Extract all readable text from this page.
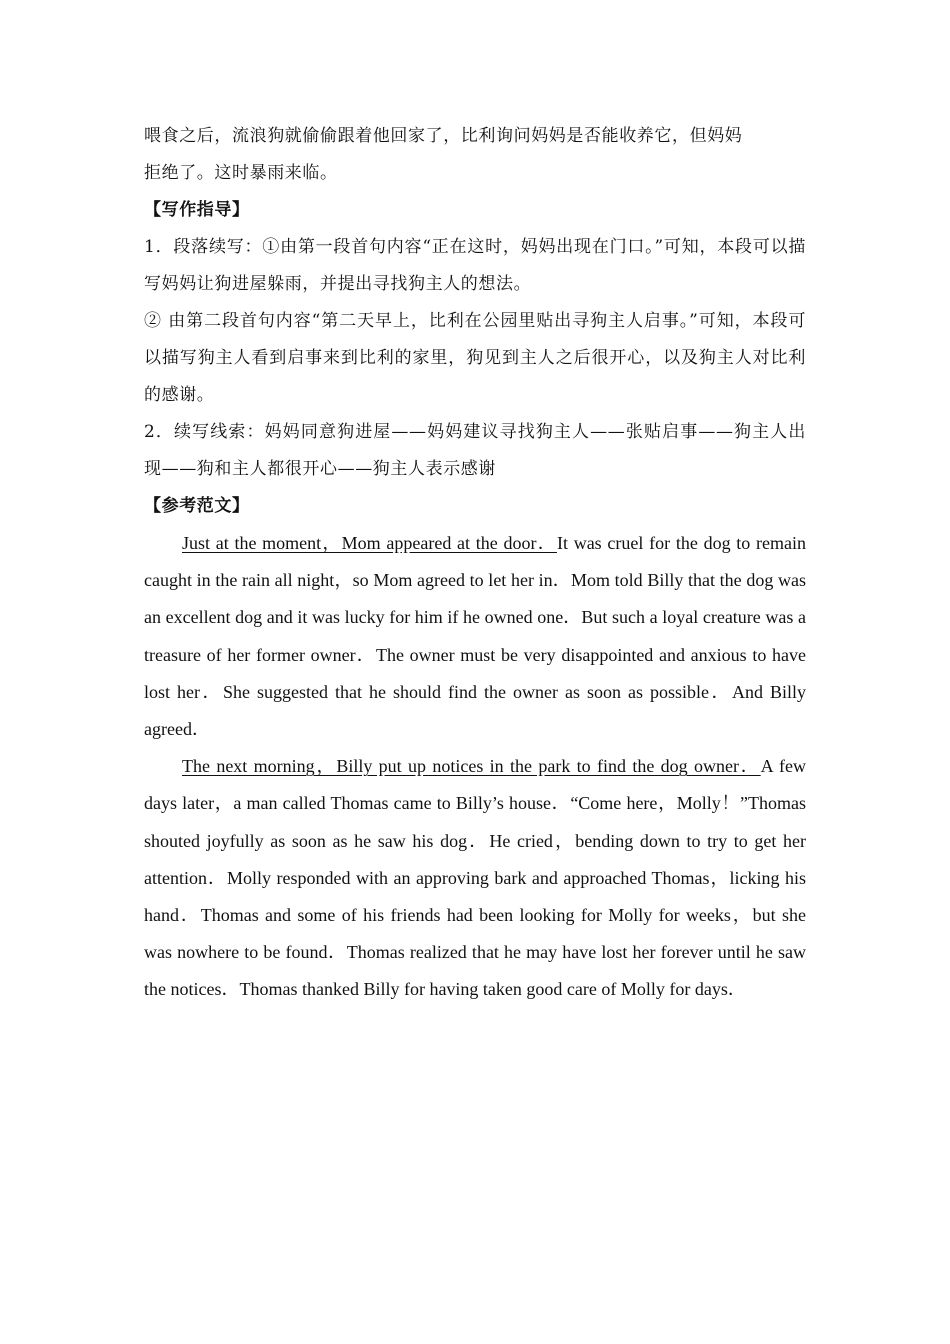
喂食之后，流浪狗就偷偷跟着他回家了，比利询问妈妈是否能收养它，但妈妈

拒绝了。这时暴雨来临。

【写作指导】

1．段落续写：①由第一段首句内容“正在这时，妈妈出现在门口。”可知，本段可以描写妈妈让狗进屋躲雨，并提出寻找狗主人的想法。

② 由第二段首句内容“第二天早上，比利在公园里贴出寻狗主人启事。”可知，本段可以描写狗主人看到启事来到比利的家里，狗见到主人之后很开心，以及狗主人对比利的感谢。

2．续写线索：妈妈同意狗进屋——妈妈建议寻找狗主人——张贴启事——狗主人出现——狗和主人都很开心——狗主人表示感谢

【参考范文】

Just at the moment，Mom appeared at the door．It was cruel for the dog to remain caught in the rain all night，so Mom agreed to let her in．Mom told Billy that the dog was an excellent dog and it was lucky for him if he owned one．But such a loyal creature was a treasure of her former owner．The owner must be very disappointed and anxious to have lost her．She suggested that he should find the owner as soon as possible．And Billy agreed．

The next morning，Billy put up notices in the park to find the dog owner．A few days later，a man called Thomas came to Billy’s house．“Come here，Molly！”Thomas shouted joyfully as soon as he saw his dog．He cried，bending down to try to get her attention．Molly responded with an approving bark and approached Thomas，licking his hand．Thomas and some of his friends had been looking for Molly for weeks，but she was nowhere to be found．Thomas realized that he may have lost her forever until he saw the notices．Thomas thanked Billy for having taken good care of Molly for days．
